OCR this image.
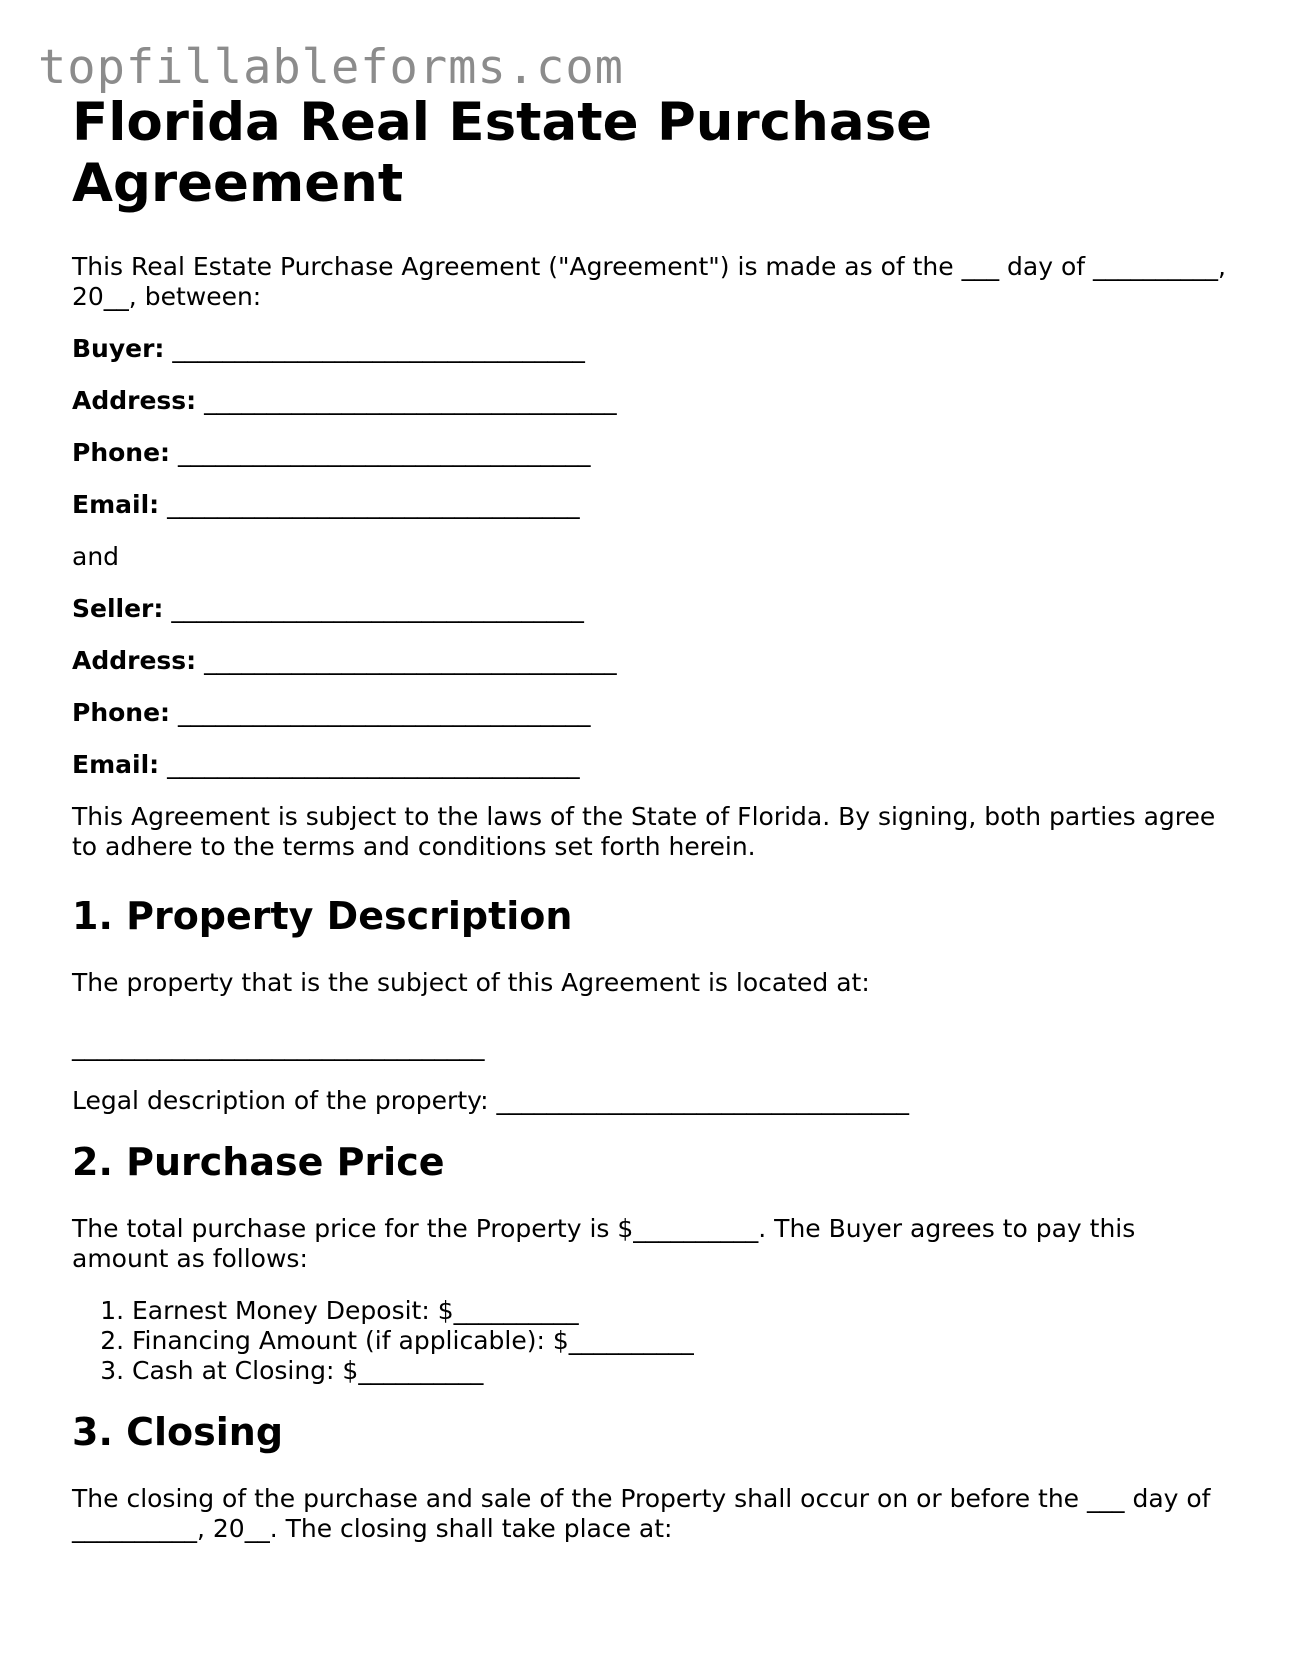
topfillableforms.com
Florida Real Estate Purchase Agreement

This Real Estate Purchase Agreement ("Agreement") is made as of the ___ day of __________, 20__, between:

Buyer: _________________________________
Address: _________________________________
Phone: _________________________________
Email: _________________________________

and

Seller: _________________________________
Address: _________________________________
Phone: _________________________________
Email: _________________________________

This Agreement is subject to the laws of the State of Florida. By signing, both parties agree to adhere to the terms and conditions set forth herein.

1. Property Description

The property that is the subject of this Agreement is located at:

_________________________________

Legal description of the property: _________________________________

2. Purchase Price

The total purchase price for the Property is $__________. The Buyer agrees to pay this amount as follows:

1. Earnest Money Deposit: $__________
2. Financing Amount (if applicable): $__________
3. Cash at Closing: $__________
3. Closing

The closing of the purchase and sale of the Property shall occur on or before the ___ day of __________, 20__. The closing shall take place at:
